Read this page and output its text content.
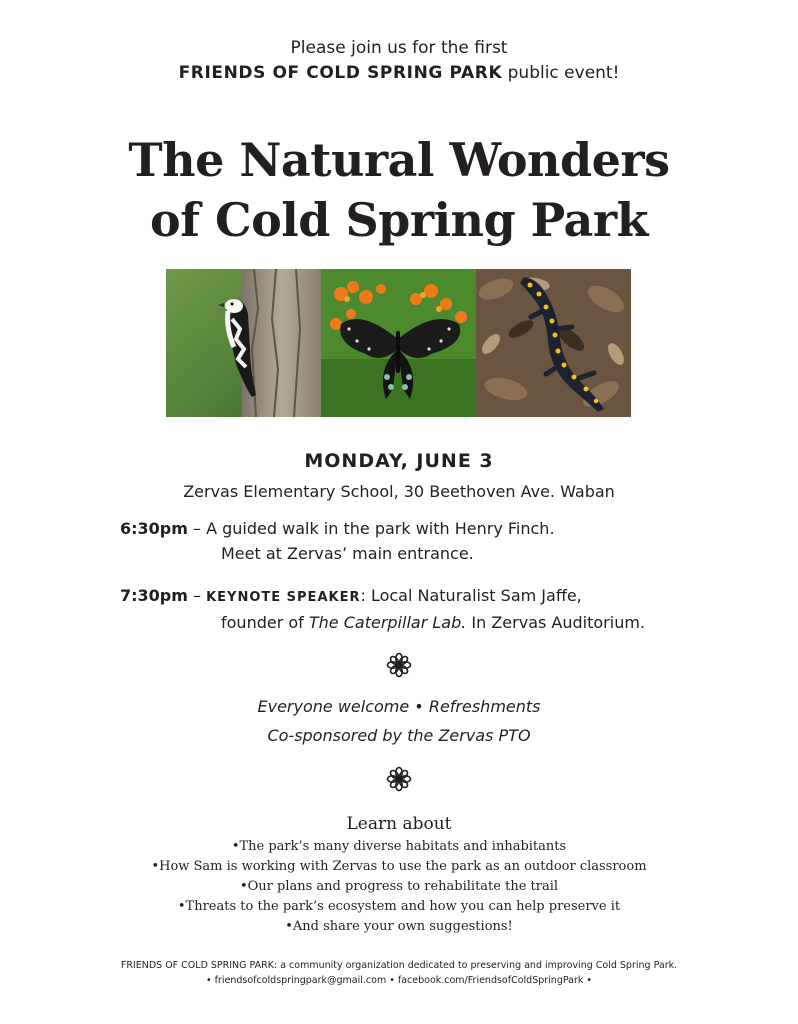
Please join us for the first
FRIENDS OF COLD SPRING PARK public event!
The Natural Wonders
of Cold Spring Park
MONDAY, JUNE 3
Zervas Elementary School, 30 Beethoven Ave. Waban
6:30pm – A guided walk in the park with Henry Finch.
Meet at Zervas’ main entrance.
7:30pm – KEYNOTE SPEAKER: Local Naturalist Sam Jaffe,
founder of The Caterpillar Lab. In Zervas Auditorium.
Everyone welcome • Refreshments
Co-sponsored by the Zervas PTO
Learn about
•The park’s many diverse habitats and inhabitants
•How Sam is working with Zervas to use the park as an outdoor classroom
•Our plans and progress to rehabilitate the trail
•Threats to the park’s ecosystem and how you can help preserve it
•And share your own suggestions!
FRIENDS OF COLD SPRING PARK: a community organization dedicated to preserving and improving Cold Spring Park.
• friendsofcoldspringpark@gmail.com • facebook.com/FriendsofColdSpringPark •
